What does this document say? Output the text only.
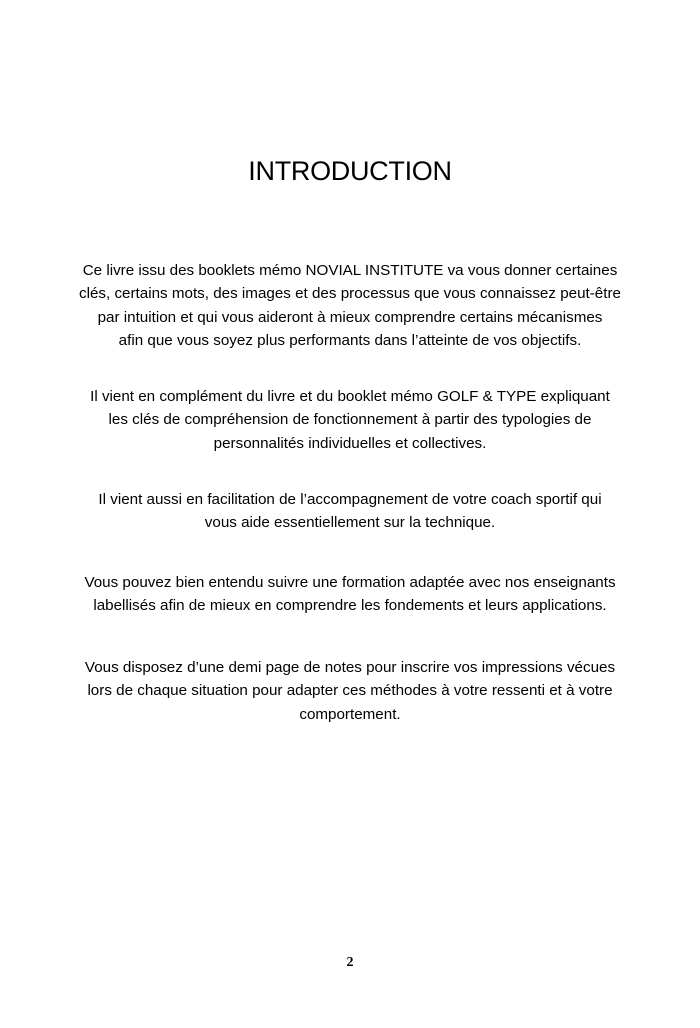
INTRODUCTION

Ce livre issu des booklets mémo NOVIAL INSTITUTE va vous donner certaines
clés, certains mots, des images et des processus que vous connaissez peut-être
par intuition et qui vous aideront à mieux comprendre certains mécanismes
afin que vous soyez plus performants dans l’atteinte de vos objectifs.

Il vient en complément du livre et du booklet mémo GOLF & TYPE expliquant
les clés de compréhension de fonctionnement à partir des typologies de
personnalités individuelles et collectives.

Il vient aussi en facilitation de l’accompagnement de votre coach sportif qui
vous aide essentiellement sur la technique.

Vous pouvez bien entendu suivre une formation adaptée avec nos enseignants
labellisés afin de mieux en comprendre les fondements et leurs applications.

Vous disposez d’une demi page de notes pour inscrire vos impressions vécues
lors de chaque situation pour adapter ces méthodes à votre ressenti et à votre
comportement.

2
